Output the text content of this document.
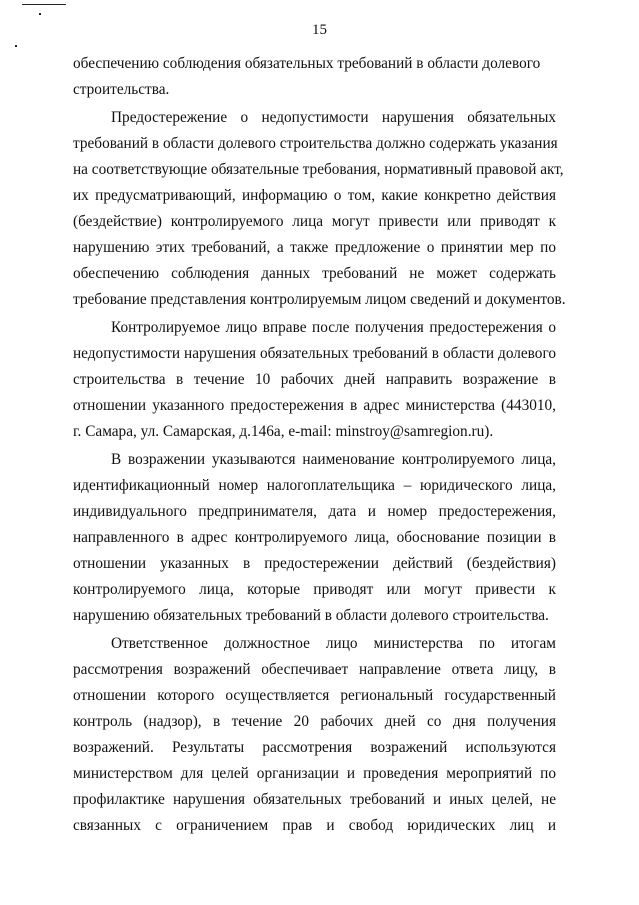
15
обеспечению соблюдения обязательных требований в области долевого
строительства.
Предостережение о недопустимости нарушения обязательных
требований в области долевого строительства должно содержать указания
на соответствующие обязательные требования, нормативный правовой акт,
их предусматривающий, информацию о том, какие конкретно действия
(бездействие) контролируемого лица могут привести или приводят к
нарушению этих требований, а также предложение о принятии мер по
обеспечению соблюдения данных требований не может содержать
требование представления контролируемым лицом сведений и документов.
Контролируемое лицо вправе после получения предостережения о
недопустимости нарушения обязательных требований в области долевого
строительства в течение 10 рабочих дней направить возражение в
отношении указанного предостережения в адрес министерства (443010,
г. Самара, ул. Самарская, д.146а, e-mail: minstroy@samregion.ru).
В возражении указываются наименование контролируемого лица,
идентификационный номер налогоплательщика – юридического лица,
индивидуального предпринимателя, дата и номер предостережения,
направленного в адрес контролируемого лица, обоснование позиции в
отношении указанных в предостережении действий (бездействия)
контролируемого лица, которые приводят или могут привести к
нарушению обязательных требований в области долевого строительства.
Ответственное должностное лицо министерства по итогам
рассмотрения возражений обеспечивает направление ответа лицу, в
отношении которого осуществляется региональный государственный
контроль (надзор), в течение 20 рабочих дней со дня получения
возражений. Результаты рассмотрения возражений используются
министерством для целей организации и проведения мероприятий по
профилактике нарушения обязательных требований и иных целей, не
связанных с ограничением прав и свобод юридических лиц и
